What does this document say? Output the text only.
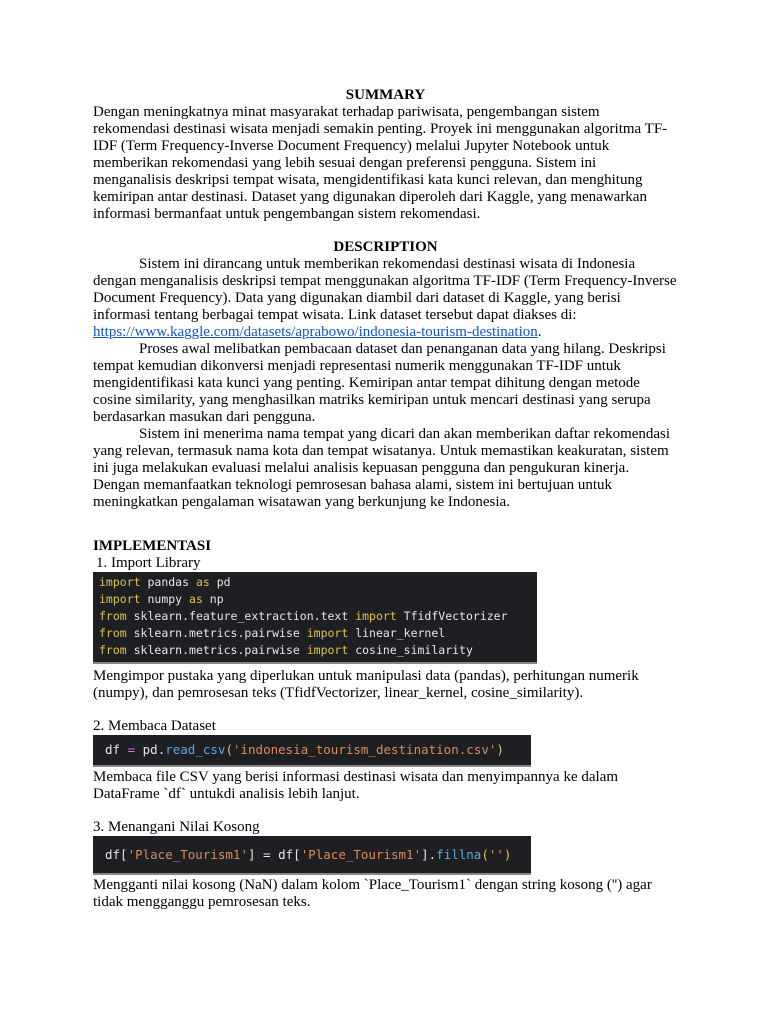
SUMMARY

Dengan meningkatnya minat masyarakat terhadap pariwisata, pengembangan sistem rekomendasi destinasi wisata menjadi semakin penting. Proyek ini menggunakan algoritma TF-IDF (Term Frequency-Inverse Document Frequency) melalui Jupyter Notebook untuk memberikan rekomendasi yang lebih sesuai dengan preferensi pengguna. Sistem ini menganalisis deskripsi tempat wisata, mengidentifikasi kata kunci relevan, dan menghitung kemiripan antar destinasi. Dataset yang digunakan diperoleh dari Kaggle, yang menawarkan informasi bermanfaat untuk pengembangan sistem rekomendasi.

DESCRIPTION

Sistem ini dirancang untuk memberikan rekomendasi destinasi wisata di Indonesia dengan menganalisis deskripsi tempat menggunakan algoritma TF-IDF (Term Frequency-Inverse Document Frequency). Data yang digunakan diambil dari dataset di Kaggle, yang berisi informasi tentang berbagai tempat wisata. Link dataset tersebut dapat diakses di: https://www.kaggle.com/datasets/aprabowo/indonesia-tourism-destination.

Proses awal melibatkan pembacaan dataset dan penanganan data yang hilang. Deskripsi tempat kemudian dikonversi menjadi representasi numerik menggunakan TF-IDF untuk mengidentifikasi kata kunci yang penting. Kemiripan antar tempat dihitung dengan metode cosine similarity, yang menghasilkan matriks kemiripan untuk mencari destinasi yang serupa berdasarkan masukan dari pengguna.

Sistem ini menerima nama tempat yang dicari dan akan memberikan daftar rekomendasi yang relevan, termasuk nama kota dan tempat wisatanya. Untuk memastikan keakuratan, sistem ini juga melakukan evaluasi melalui analisis kepuasan pengguna dan pengukuran kinerja. Dengan memanfaatkan teknologi pemrosesan bahasa alami, sistem ini bertujuan untuk meningkatkan pengalaman wisatawan yang berkunjung ke Indonesia.

IMPLEMENTASI

1. Import Library

import pandas as pd
import numpy as np
from sklearn.feature_extraction.text import TfidfVectorizer
from sklearn.metrics.pairwise import linear_kernel
from sklearn.metrics.pairwise import cosine_similarity

Mengimpor pustaka yang diperlukan untuk manipulasi data (pandas), perhitungan numerik (numpy), dan pemrosesan teks (TfidfVectorizer, linear_kernel, cosine_similarity).

2. Membaca Dataset

df = pd.read_csv('indonesia_tourism_destination.csv')

Membaca file CSV yang berisi informasi destinasi wisata dan menyimpannya ke dalam DataFrame `df` untukdi analisis lebih lanjut.

3. Menangani Nilai Kosong

df['Place_Tourism1'] = df['Place_Tourism1'].fillna('')

Mengganti nilai kosong (NaN) dalam kolom `Place_Tourism1` dengan string kosong ('') agar tidak mengganggu pemrosesan teks.
